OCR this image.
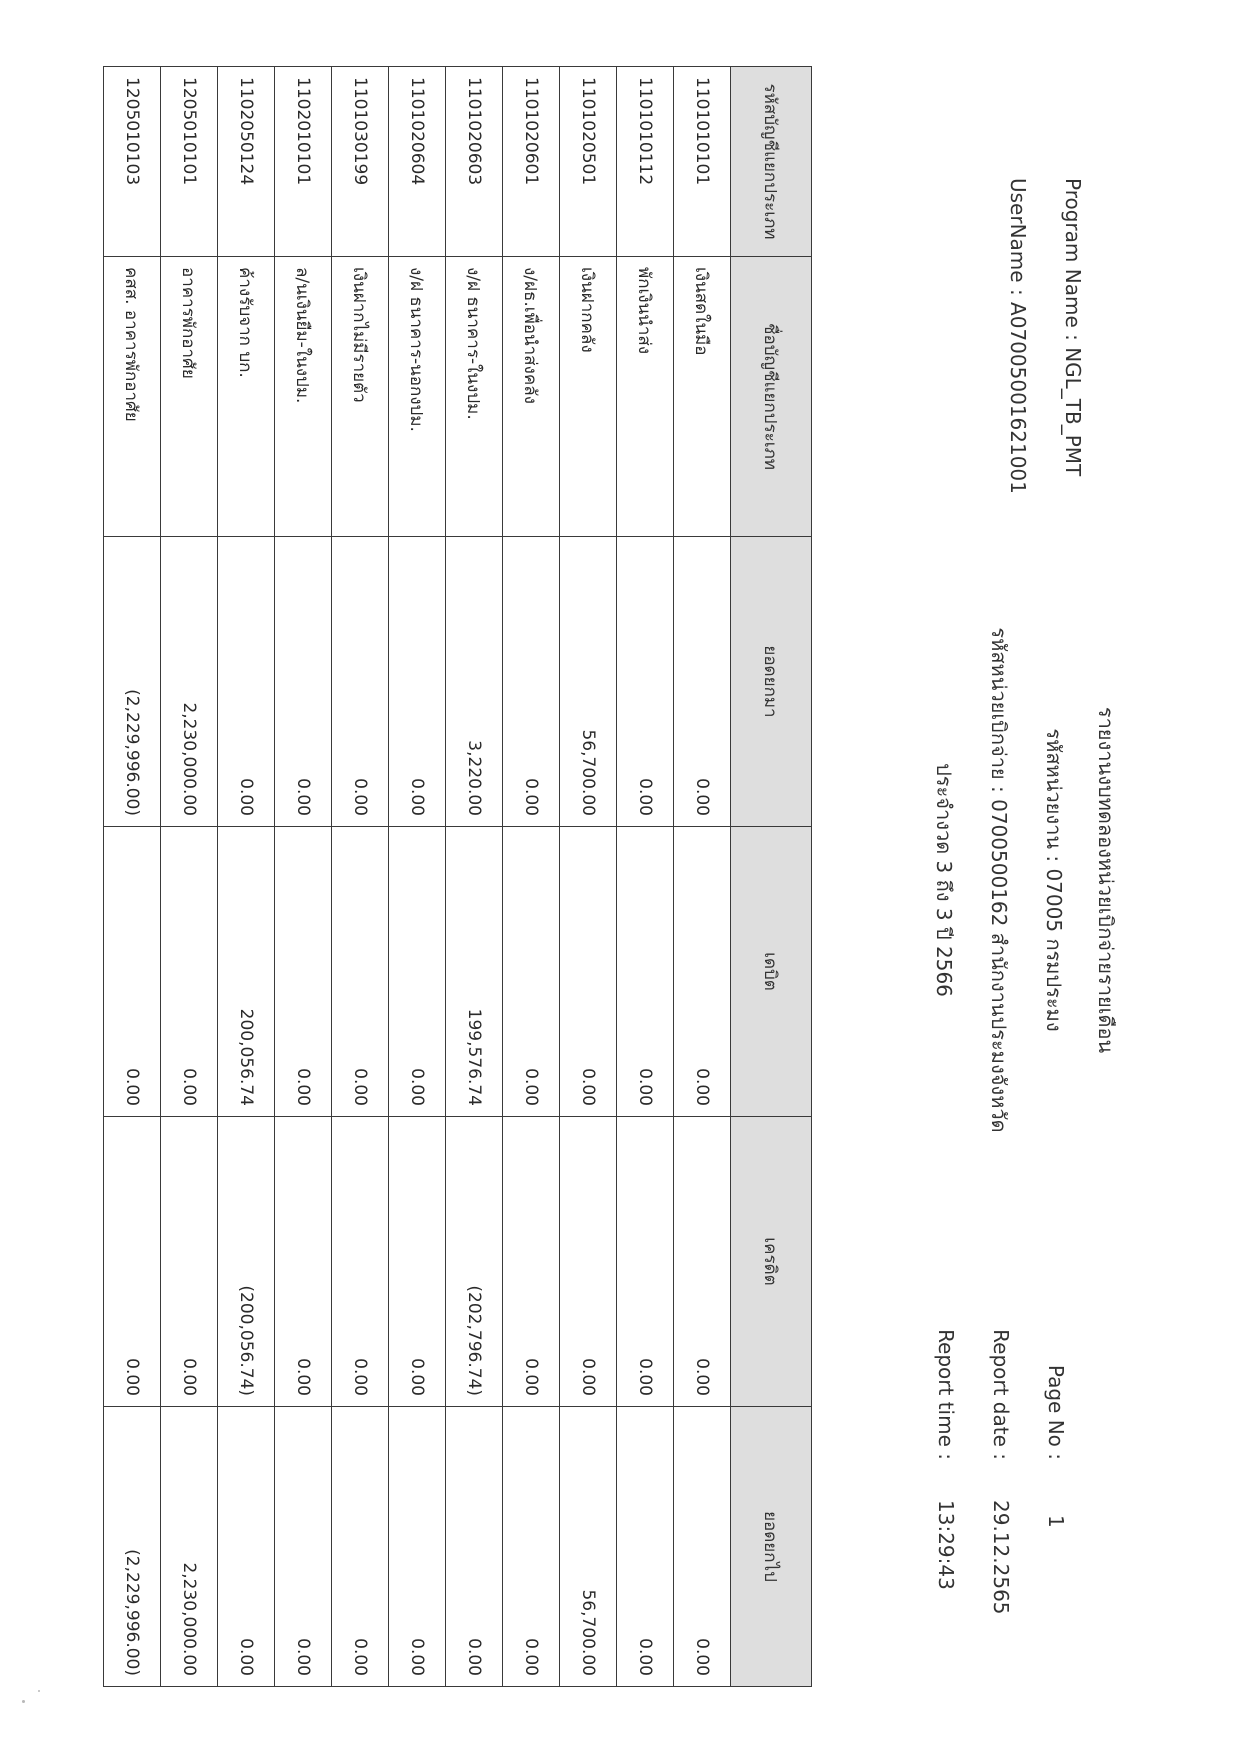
Program Name : NGL_TB_PMT
UserName : A0700500162100​1
รายงานงบทดลองหน่วยเบิกจ่ายรายเดือน
รหัสหน่วยงาน : 07005 กรมประมง
รหัสหน่วยเบิกจ่าย : 0700500162 สำนักงานประมงจังหวัด
ประจำงวด 3 ถึง 3 ปี 2566
Page No :
1
Report date :
29.12.2565
Report time :
13:29:43
รหัสบัญชีแยกประเภท	ชื่อบัญชีแยกประเภท	ยอดยกมา	เดบิต	เครดิต	ยอดยกไป
1101010101	เงินสดในมือ	0.00	0.00	0.00	0.00
1101010112	พักเงินนำส่ง	0.00	0.00	0.00	0.00
1101020501	เงินฝากคลัง	56,700.00	0.00	0.00	56,700.00
1101020601	ง/ฝธ.เพื่อนำส่งคลัง	0.00	0.00	0.00	0.00
1101020603	ง/ฝ ธนาคาร-ในงปม.	3,220.00	199,576.74	(202,796.74)	0.00
1101020604	ง/ฝ ธนาคาร-นอกงปม.	0.00	0.00	0.00	0.00
1101030199	เงินฝากไม่มีรายตัว	0.00	0.00	0.00	0.00
1102010101	ล/นเงินยืม-ในงปม.	0.00	0.00	0.00	0.00
1102050124	ค้างรับจาก บก.	0.00	200,056.74	(200,056.74)	0.00
1205010101	อาคารพักอาศัย	2,230,000.00	0.00	0.00	2,230,000.00
1205010103	คสส. อาคารพักอาศัย	(2,229,996.00)	0.00	0.00	(2,229,996.00)
